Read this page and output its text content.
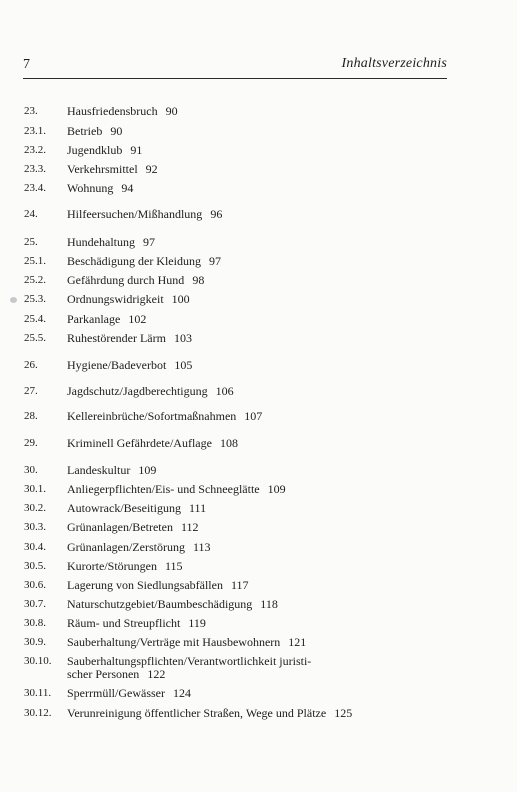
7	Inhaltsverzeichnis
23. Hausfriedensbruch 90
23.1. Betrieb 90
23.2. Jugendklub 91
23.3. Verkehrsmittel 92
23.4. Wohnung 94
24. Hilfeersuchen/Mißhandlung 96
25. Hundehaltung 97
25.1. Beschädigung der Kleidung 97
25.2. Gefährdung durch Hund 98
25.3. Ordnungswidrigkeit 100
25.4. Parkanlage 102
25.5. Ruhestörender Lärm 103
26. Hygiene/Badeverbot 105
27. Jagdschutz/Jagdberechtigung 106
28. Kellereinbrüche/Sofortmaßnahmen 107
29. Kriminell Gefährdete/Auflage 108
30. Landeskultur 109
30.1. Anliegerpflichten/Eis- und Schneeglätte 109
30.2. Autowrack/Beseitigung 111
30.3. Grünanlagen/Betreten 112
30.4. Grünanlagen/Zerstörung 113
30.5. Kurorte/Störungen 115
30.6. Lagerung von Siedlungsabfällen 117
30.7. Naturschutzgebiet/Baumbeschädigung 118
30.8. Räum- und Streupflicht 119
30.9. Sauberhaltung/Verträge mit Hausbewohnern 121
30.10. Sauberhaltungspflichten/Verantwortlichkeit juristi-
scher Personen 122
30.11. Sperrmüll/Gewässer 124
30.12. Verunreinigung öffentlicher Straßen, Wege und Plätze 125
